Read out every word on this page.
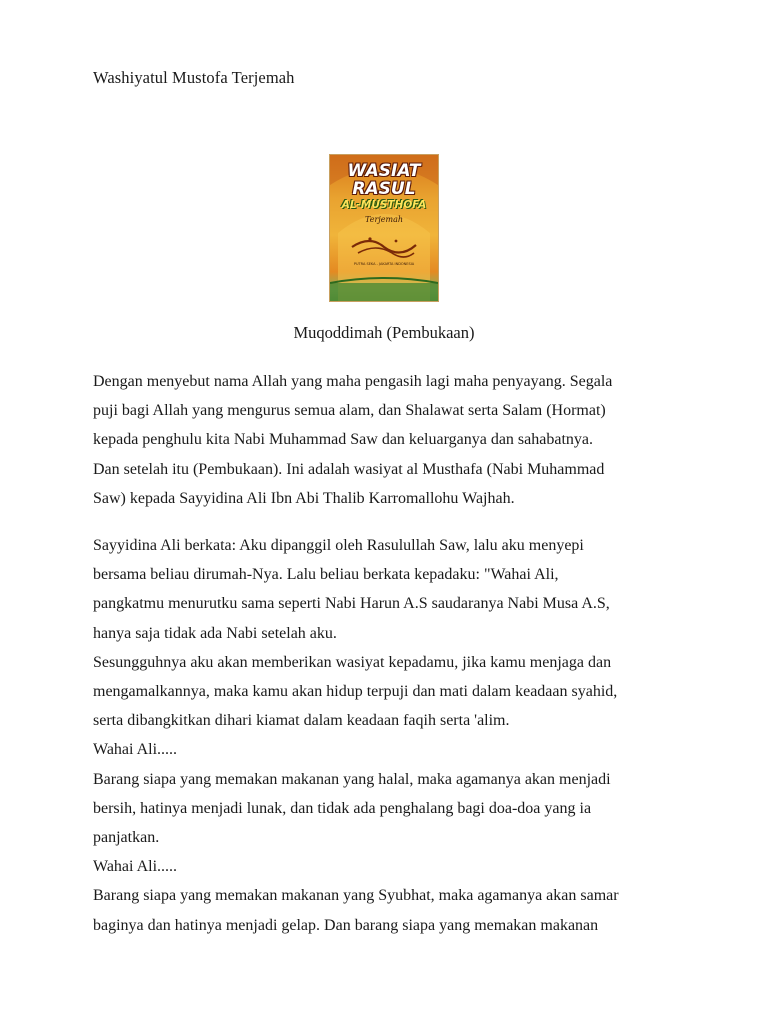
Washiyatul Mustofa Terjemah
WASIAT
RASUL
AL-MUSTHOFA
Terjemah
PUTRA SEKA - JAKARTA INDONESIA
Muqoddimah (Pembukaan)

Dengan menyebut nama Allah yang maha pengasih lagi maha penyayang. Segala

puji bagi Allah yang mengurus semua alam, dan Shalawat serta Salam (Hormat)

kepada penghulu kita Nabi Muhammad Saw dan keluarganya dan sahabatnya.

Dan setelah itu (Pembukaan). Ini adalah wasiyat al Musthafa (Nabi Muhammad

Saw) kepada Sayyidina Ali Ibn Abi Thalib Karromallohu Wajhah.

Sayyidina Ali berkata: Aku dipanggil oleh Rasulullah Saw, lalu aku menyepi

bersama beliau dirumah-Nya. Lalu beliau berkata kepadaku: "Wahai Ali,

pangkatmu menurutku sama seperti Nabi Harun A.S saudaranya Nabi Musa A.S,

hanya saja tidak ada Nabi setelah aku.

Sesungguhnya aku akan memberikan wasiyat kepadamu, jika kamu menjaga dan

mengamalkannya, maka kamu akan hidup terpuji dan mati dalam keadaan syahid,

serta dibangkitkan dihari kiamat dalam keadaan faqih serta 'alim.

Wahai Ali.....

Barang siapa yang memakan makanan yang halal, maka agamanya akan menjadi

bersih, hatinya menjadi lunak, dan tidak ada penghalang bagi doa-doa yang ia

panjatkan.

Wahai Ali.....

Barang siapa yang memakan makanan yang Syubhat, maka agamanya akan samar

baginya dan hatinya menjadi gelap. Dan barang siapa yang memakan makanan
